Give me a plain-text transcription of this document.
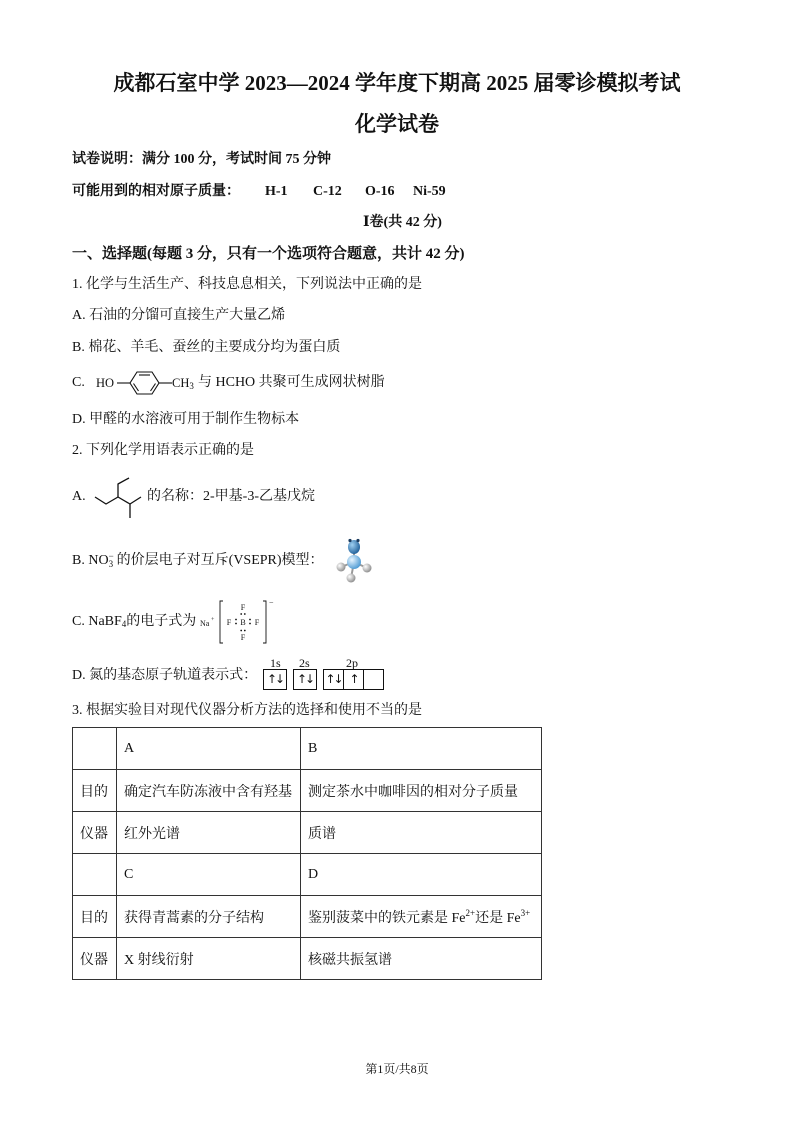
成都石室中学 2023—2024 学年度下期高 2025 届零诊模拟考试
化学试卷
试卷说明：满分 100 分，考试时间 75 分钟
可能用到的相对原子质量： H-1 C-12 O-16 Ni-59
Ⅰ卷(共 42 分)
一、选择题(每题 3 分，只有一个选项符合题意，共计 42 分)
1. 化学与生活生产、科技息息相关，下列说法中正确的是
A. 石油的分馏可直接生产大量乙烯
B. 棉花、羊毛、蚕丝的主要成分均为蛋白质
C. HO	$CH_3$ 与 HCHO 共聚可生成网状树脂
D. 甲醛的水溶液可用于制作生物标本
2. 下列化学用语表示正确的是
A.	的名称：2-甲基-3-乙基戊烷
B. NO −
3 的价层电子对互斥(VSEPR)模型：
C. NaBF$_4$的电子式为 Na +
F
F B F
F
−
D. 氮的基态原子轨道表示式：
1s 2s	2p
↑↓	↑↓	↑↓ ↑
3. 根据实验目对现代仪器分析方法的选择和使用不当的是
	A	B
目的	确定汽车防冻液中含有羟基	测定茶水中咖啡因的相对分子质量
仪器	红外光谱	质谱
	C	D
目的	获得青蒿素的分子结构	鉴别菠菜中的铁元素是 $Fe^{2+}$还是 $Fe^{3+}$
仪器	X 射线衍射	核磁共振氢谱
第1页/共8页
